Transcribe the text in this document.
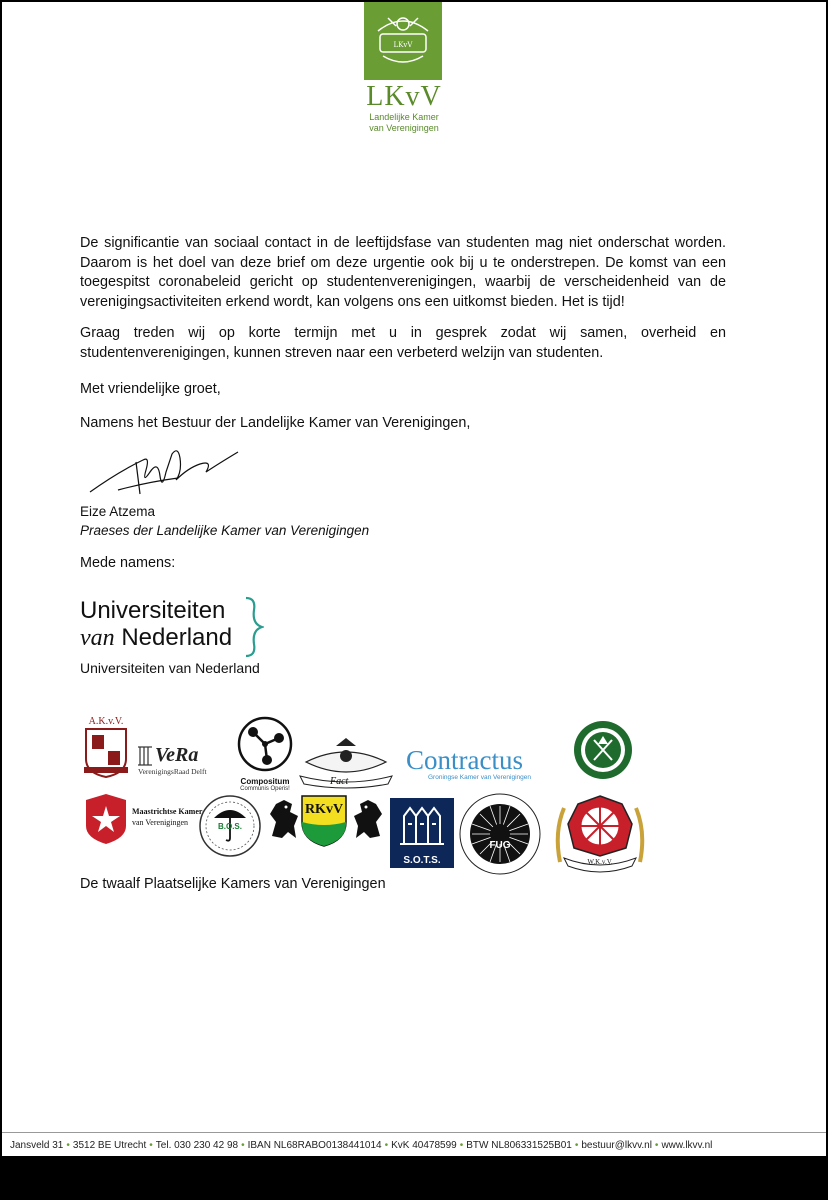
LKvV
LKvV
Landelijke Kamer
van Verenigingen
De significantie van sociaal contact in de leeftijdsfase van studenten mag niet onderschat worden. Daarom is het doel van deze brief om deze urgentie ook bij u te onderstrepen. De komst van een toegespitst coronabeleid gericht op studentenverenigingen, waarbij de verscheidenheid van de verenigingsactiviteiten erkend wordt, kan volgens ons een uitkomst bieden. Het is tijd!
Graag treden wij op korte termijn met u in gesprek zodat wij samen, overheid en studentenverenigingen, kunnen streven naar een verbeterd welzijn van studenten.
Met vriendelijke groet,
Namens het Bestuur der Landelijke Kamer van Verenigingen,
Eize Atzema
Praeses der Landelijke Kamer van Verenigingen
Mede namens:
Universiteiten
van Nederland
Universiteiten van Nederland
A.K.v.V.
VeRa
VerenigingsRaad Delft
Compositum
Communis Operis!
Fact
Contractus
Groningse Kamer van Verenigingen
Maastrichtse Kamer
van Verenigingen	B.O.S.
RKvV
S.O.T.S.
FUG
W.K.v.V.
De twaalf Plaatselijke Kamers van Verenigingen
Jansveld 31 • 3512 BE Utrecht • Tel. 030 230 42 98 • IBAN NL68RABO0138441014 • KvK 40478599 • BTW NL806331525B01 • bestuur@lkvv.nl • www.lkvv.nl
